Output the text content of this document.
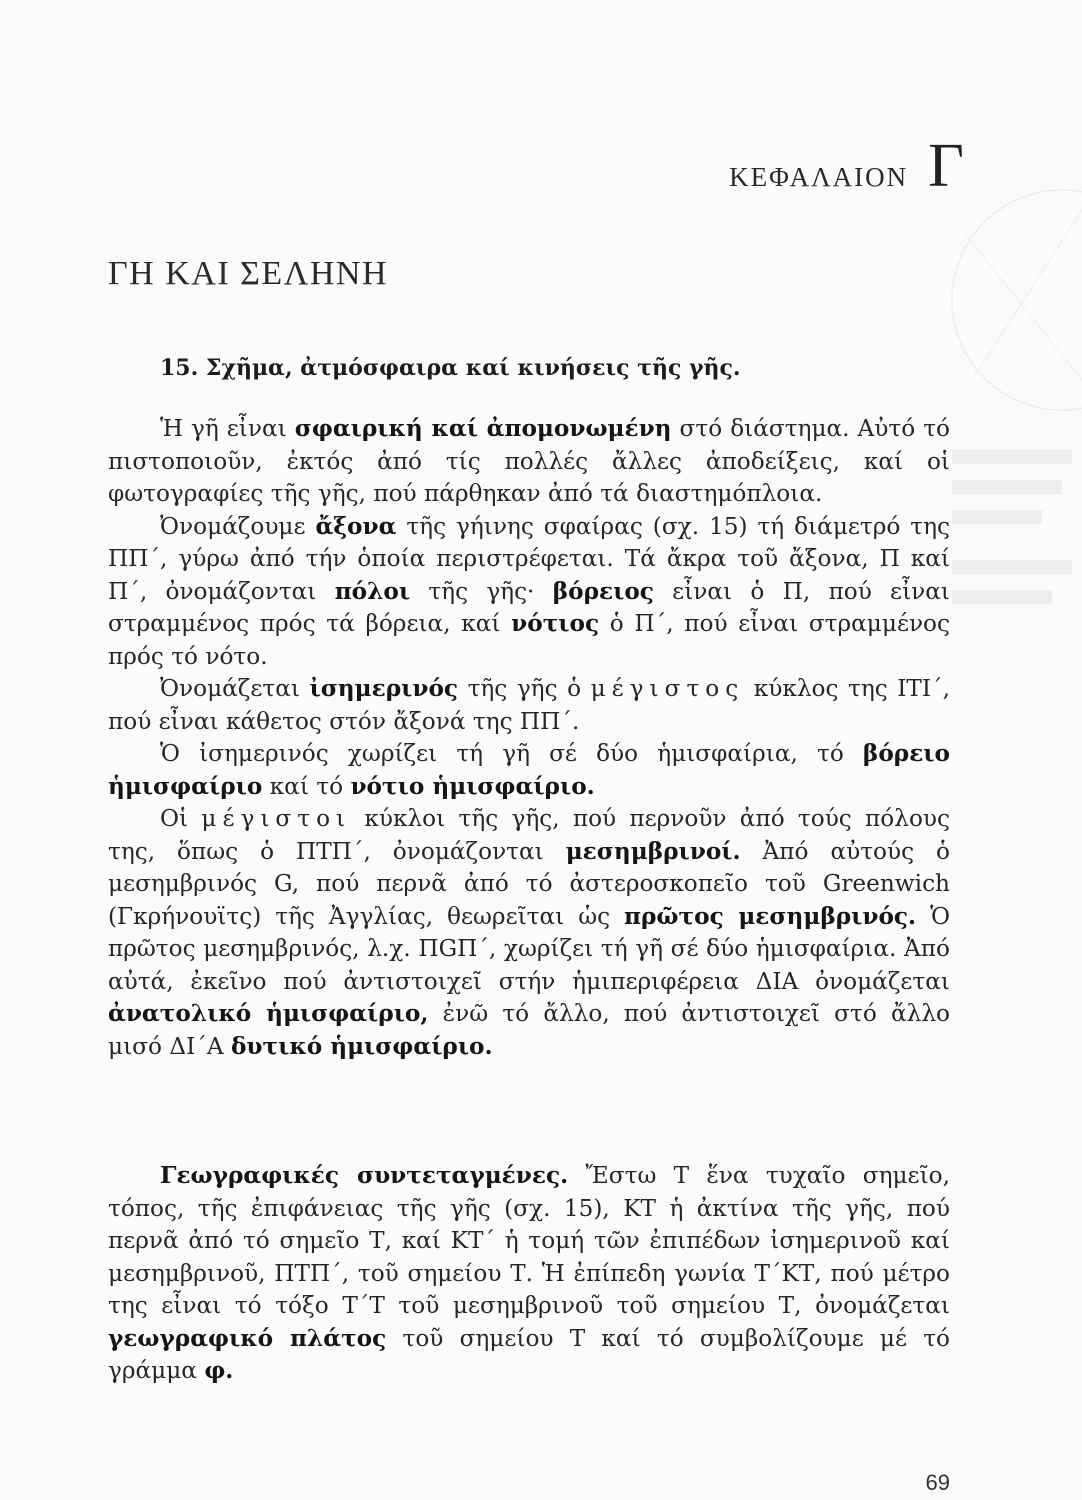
ΚΕΦΑΛΑΙΟΝ Γ
ΓΗ ΚΑΙ ΣΕΛΗΝΗ
15. Σχῆμα, ἀτμόσφαιρα καί κινήσεις τῆς γῆς.

Ἡ γῆ εἶναι σφαιρική καί ἀπομονωμένη στό διάστημα. Αὐτό τό πιστοποιοῦν, ἐκτός ἀπό τίς πολλές ἄλλες ἀποδείξεις, καί οἱ φωτογραφίες τῆς γῆς, πού πάρθηκαν ἀπό τά διαστημόπλοια.

Ὀνομάζουμε ἄξονα τῆς γήινης σφαίρας (σχ. 15) τή διάμετρό της ΠΠ΄, γύρω ἀπό τήν ὁποία περιστρέφεται. Τά ἄκρα τοῦ ἄξονα, Π καί Π΄, ὀνομάζονται πόλοι τῆς γῆς· βόρειος εἶναι ὁ Π, πού εἶναι στραμμένος πρός τά βόρεια, καί νότιος ὁ Π΄, πού εἶναι στραμμένος πρός τό νότο.

Ὀνομάζεται ἰσημερινός τῆς γῆς ὁ μέγιστος κύκλος της ΙΤΙ΄, πού εἶναι κάθετος στόν ἄξονά της ΠΠ΄.

Ὁ ἰσημερινός χωρίζει τή γῆ σέ δύο ἡμισφαίρια, τό βόρειο ἡμισφαίριο καί τό νότιο ἡμισφαίριο.

Οἱ μέγιστοι κύκλοι τῆς γῆς, πού περνοῦν ἀπό τούς πόλους της, ὅπως ὁ ΠΤΠ΄, ὀνομάζονται μεσημβρινοί. Ἀπό αὐτούς ὁ μεσημβρινός G, πού περνᾶ ἀπό τό ἀστεροσκοπεῖο τοῦ Greenwich (Γκρήνουϊτς) τῆς Ἀγγλίας, θεωρεῖται ὡς πρῶτος μεσημβρινός. Ὁ πρῶτος μεσημβρινός, λ.χ. ΠGΠ΄, χωρίζει τή γῆ σέ δύο ἡμισφαίρια. Ἀπό αὐτά, ἐκεῖνο πού ἀντιστοιχεῖ στήν ἡμιπεριφέρεια ΔΙΑ ὀνομάζεται ἀνατολικό ἡμισφαίριο, ἐνῶ τό ἄλλο, πού ἀντιστοιχεῖ στό ἄλλο μισό ΔΙ΄Α δυτικό ἡμισφαίριο.

Γεωγραφικές συντεταγμένες. Ἔστω Τ ἕνα τυχαῖο σημεῖο, τόπος, τῆς ἐπιφάνειας τῆς γῆς (σχ. 15), ΚΤ ἡ ἀκτίνα τῆς γῆς, πού περνᾶ ἀπό τό σημεῖο Τ, καί ΚΤ΄ ἡ τομή τῶν ἐπιπέδων ἰσημερινοῦ καί μεσημβρινοῦ, ΠΤΠ΄, τοῦ σημείου Τ. Ἡ ἐπίπεδη γωνία Τ΄ΚΤ, πού μέτρο της εἶναι τό τόξο Τ΄Τ τοῦ μεσημβρινοῦ τοῦ σημείου Τ, ὀνομάζεται γεωγραφικό πλάτος τοῦ σημείου Τ καί τό συμβολίζουμε μέ τό γράμμα φ.

69
